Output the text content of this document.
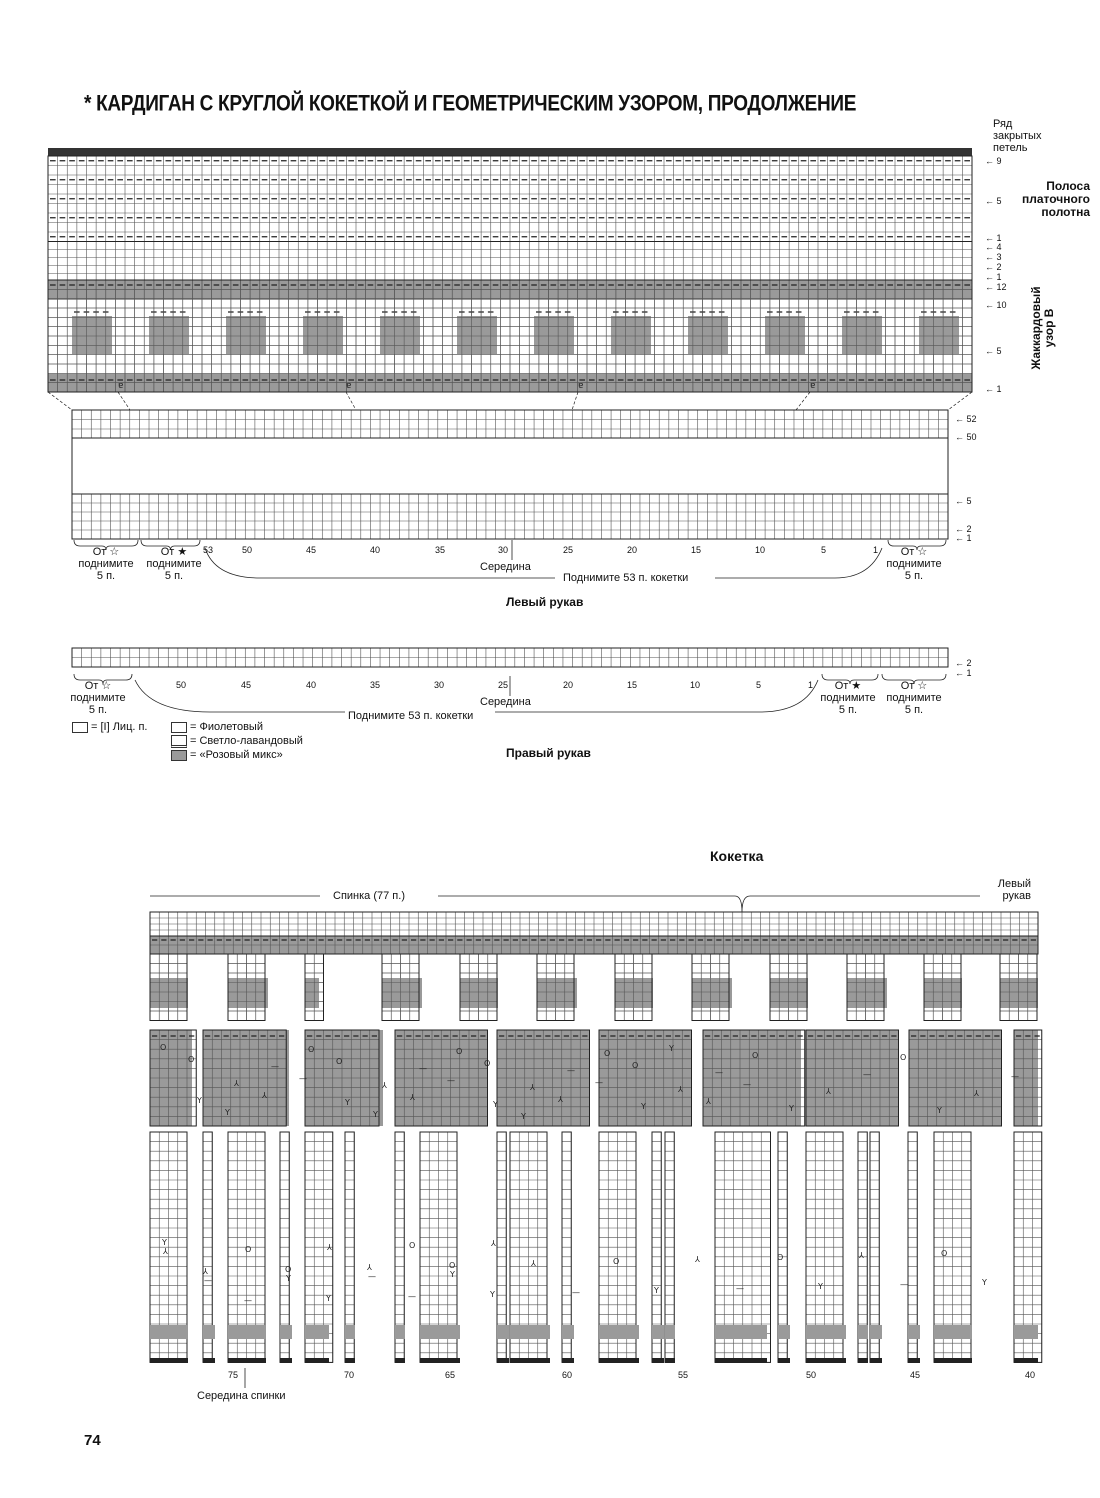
* КАРДИГАН С КРУГЛОЙ КОКЕТКОЙ И ГЕОМЕТРИЧЕСКИМ УЗОРОМ, ПРОДОЛЖЕНИЕ
ɐ	ɐ	ɐ	ɐ
O
Y
⅄
—
O
Y
⅄
—
O
Y
⅄
—
O
Y
⅄
—
O
Y
⅄
—
O
Y
⅄
—
O
Y
⅄
—
O
Y
⅄
—
O
Y
⅄
—
O
Y
⅄
—
Y
⅄
—
O
Y
⅄
—
O
Y
⅄
—
O
Y
⅄
—
O
Y
⅄
—
O
Y
⅄
—
O
Y
⅄
—
O
Y
⅄
Ряд
закрытых
петель
Полоса
платочного
полотна
Жаккардовый узор В
← 9
← 5
← 1
← 4
← 3
← 2
← 1
← 12
← 10
← 5
← 1
← 52
← 50
← 5
← 2
← 1
53	50	45	40	35	30	25	20	15	10	5	1
От ☆
поднимите
5 п.
От ★
поднимите
5 п.
От ☆
поднимите
5 п.
Середина
Поднимите 53 п. кокетки
Левый рукав
← 2
← 1
50	45	40	35	30	25	20	15	10	5	1
От ☆
поднимите
5 п.
От ★
поднимите
5 п.
От ☆
поднимите
5 п.
Середина
Поднимите 53 п. кокетки
Правый рукав
= [I] Лиц. п.	= Фиолетовый
= Светло-лавандовый
= «Розовый микс»
Кокетка
Спинка (77 п.)
Левый
рукав
75	70	65	60	55	50	45	40
Середина спинки
74
